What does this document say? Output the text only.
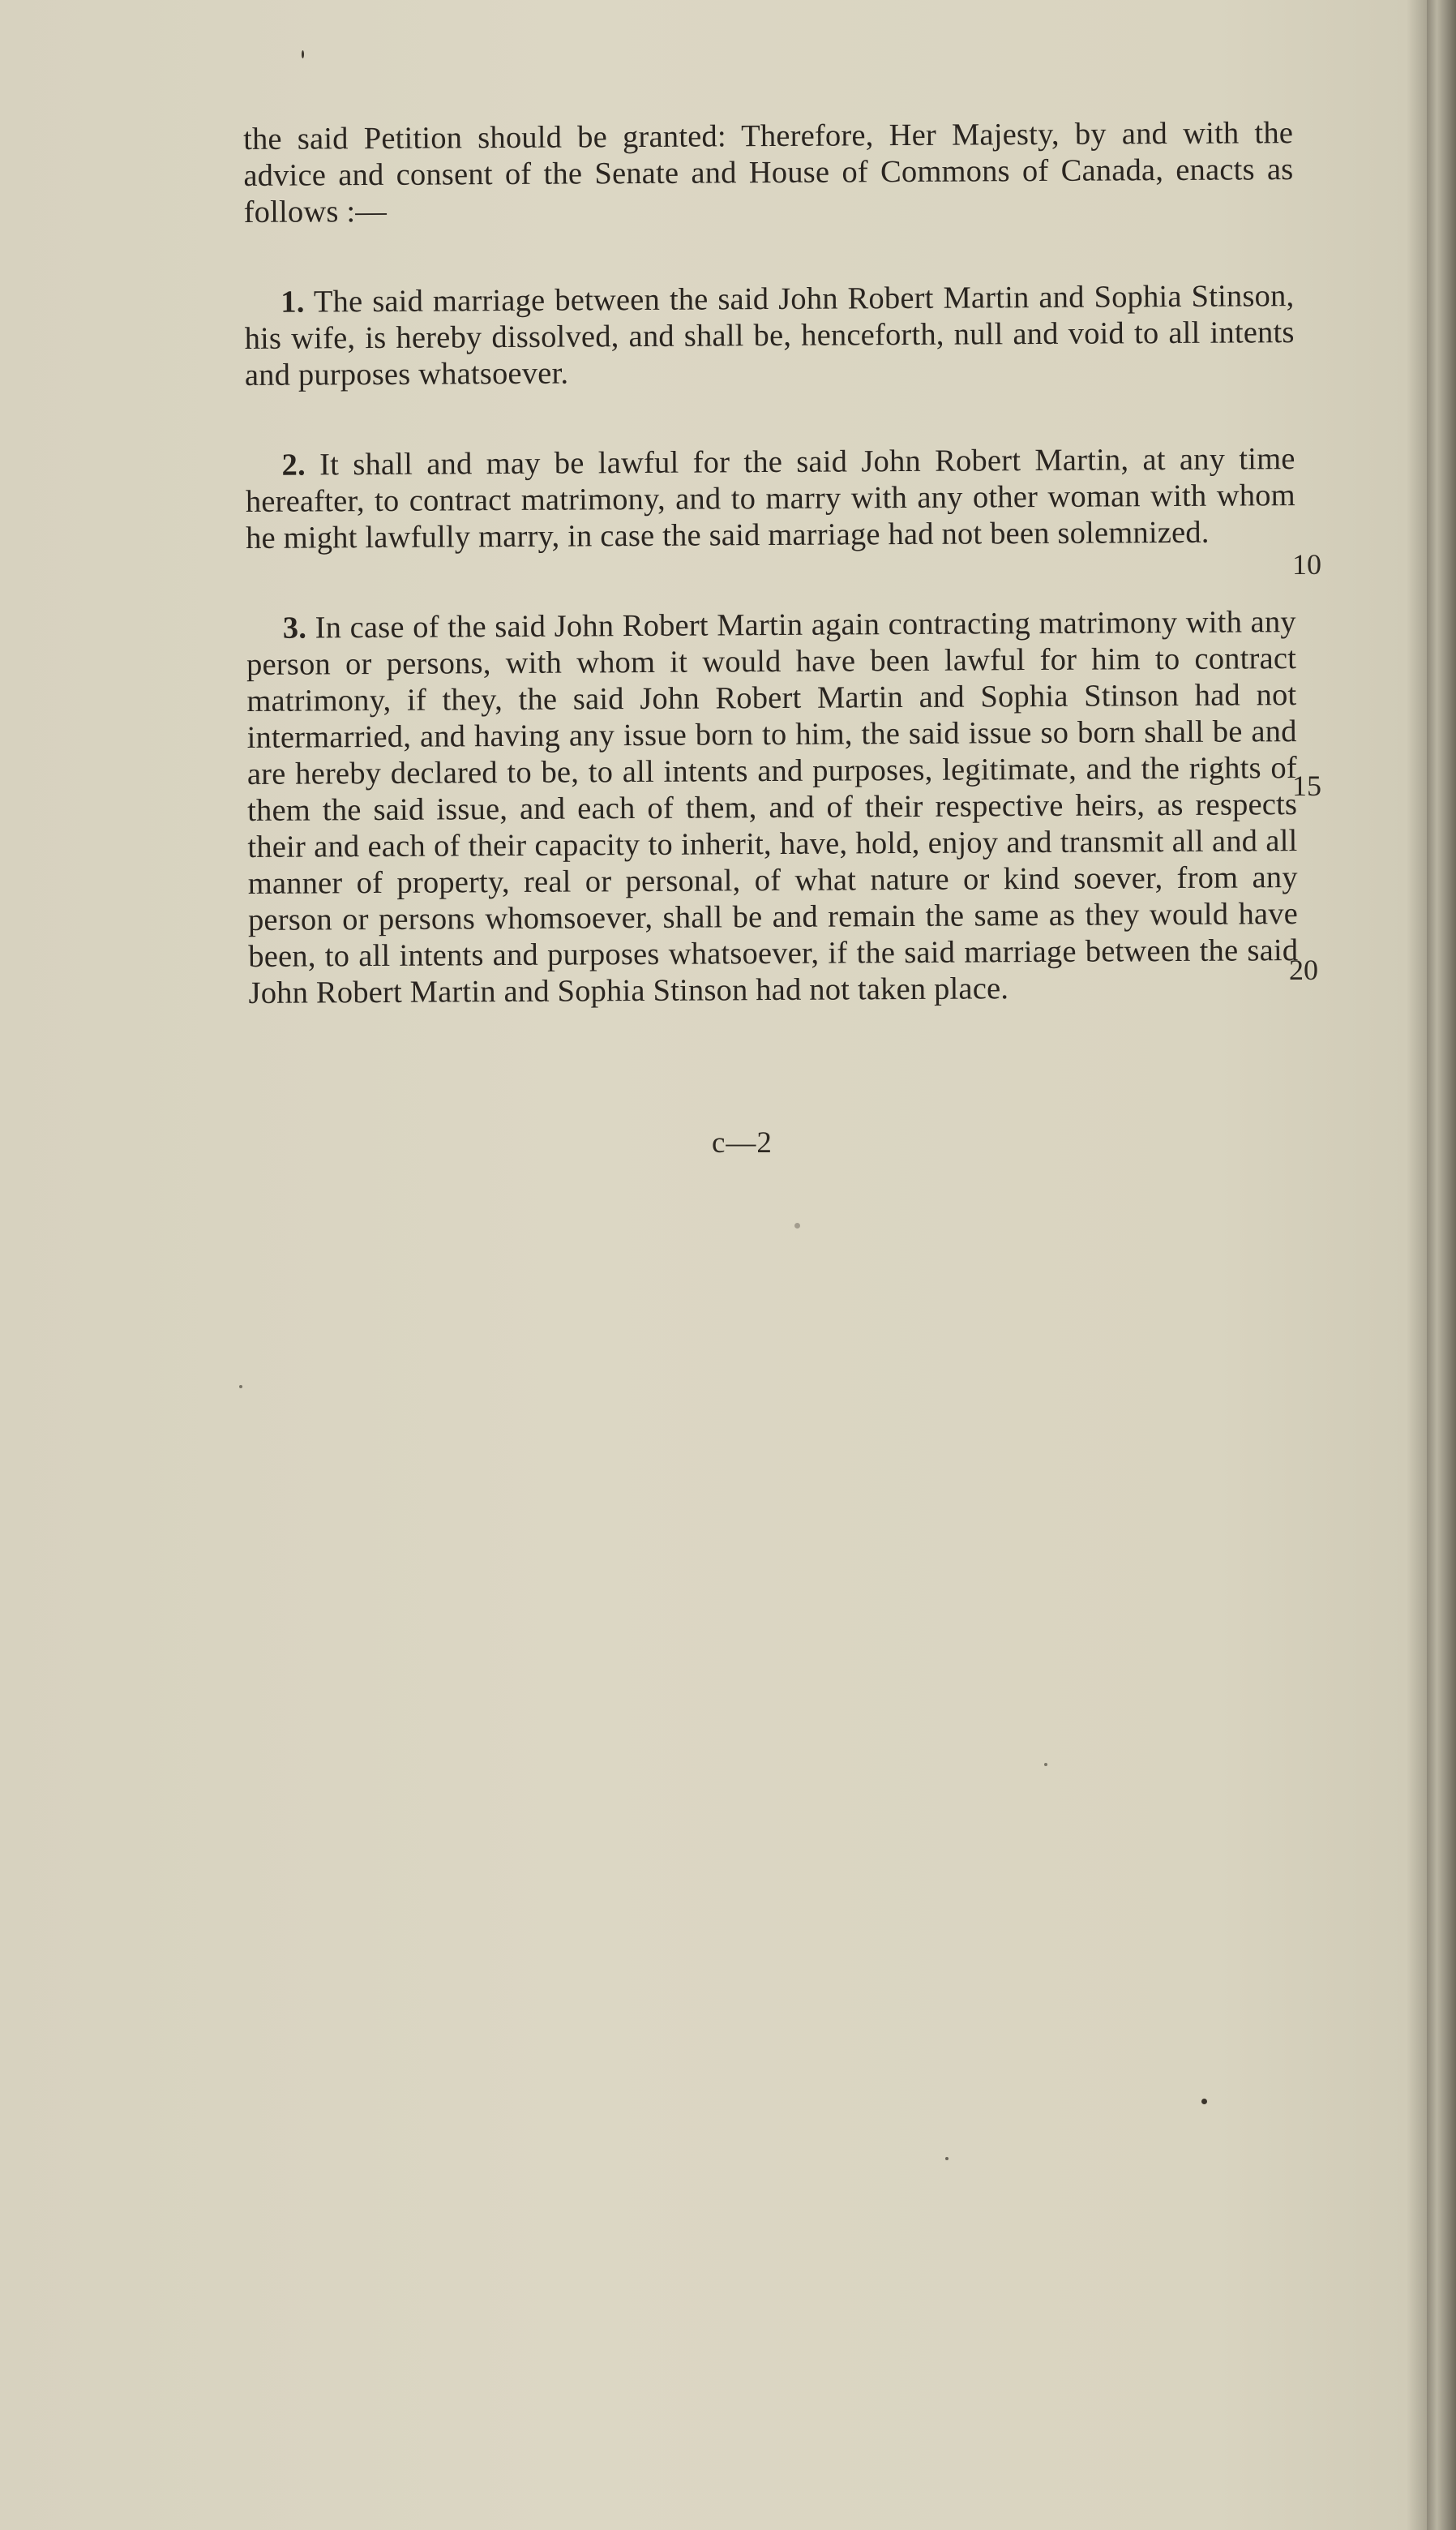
the said Petition should be granted: Therefore, Her Majesty, by and with the advice and consent of the Senate and House of Commons of Canada, enacts as follows :—

1. The said marriage between the said John Robert Martin and Sophia Stinson, his wife, is hereby dissolved, and shall be, henceforth, null and void to all intents and purposes whatsoever.

2. It shall and may be lawful for the said John Robert Martin, at any time hereafter, to contract matrimony, and to marry with any other woman with whom he might lawfully marry, in case the said marriage had not been solemnized.

3. In case of the said John Robert Martin again contracting matrimony with any person or persons, with whom it would have been lawful for him to contract matrimony, if they, the said John Robert Martin and Sophia Stinson had not intermarried, and having any issue born to him, the said issue so born shall be and are hereby declared to be, to all intents and purposes, legitimate, and the rights of them the said issue, and each of them, and of their respective heirs, as respects their and each of their capacity to inherit, have, hold, enjoy and transmit all and all manner of property, real or personal, of what nature or kind soever, from any person or persons whomsoever, shall be and remain the same as they would have been, to all intents and purposes whatsoever, if the said marriage between the said John Robert Martin and Sophia Stinson had not taken place.

10
15
20
c—2
